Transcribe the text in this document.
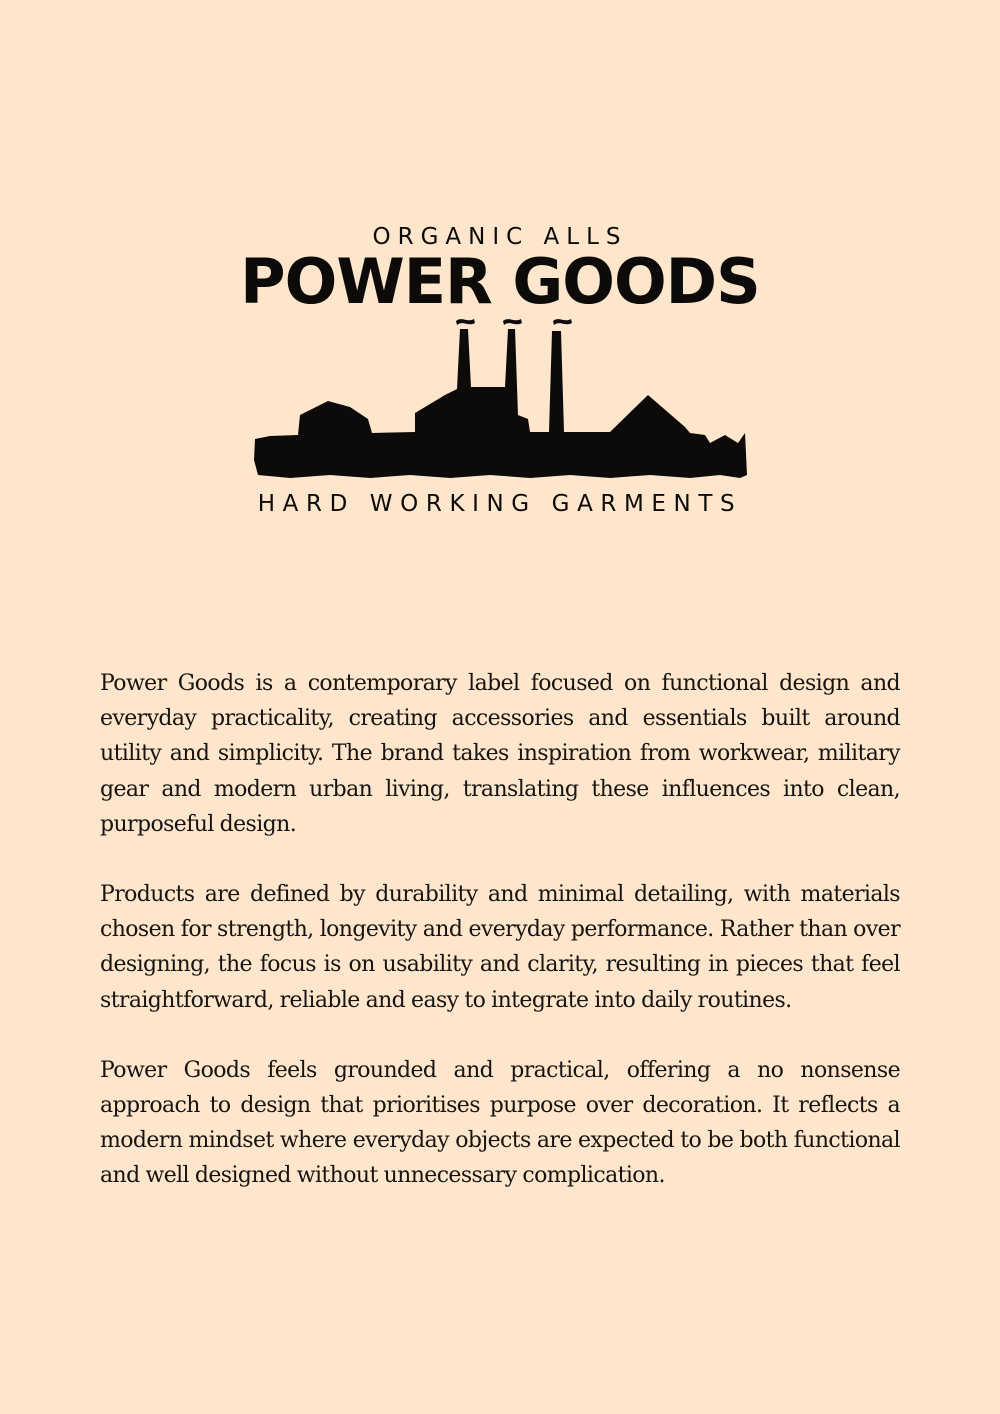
ORGANIC ALLS
POWER GOODS
HARD WORKING GARMENTS

Power Goods is a contemporary label focused on functional design and everyday practicality, creating accessories and essentials built around utility and simplicity. The brand takes inspiration from workwear, military gear and modern urban living, translating these influences into clean, purposeful design.

Products are defined by durability and minimal detailing, with materials chosen for strength, longevity and everyday performance. Rather than over designing, the focus is on usability and clarity, resulting in pieces that feel straightforward, reliable and easy to integrate into daily routines.

Power Goods feels grounded and practical, offering a no nonsense approach to design that prioritises purpose over decoration. It reflects a modern mindset where everyday objects are expected to be both functional and well designed without unnecessary complication.
